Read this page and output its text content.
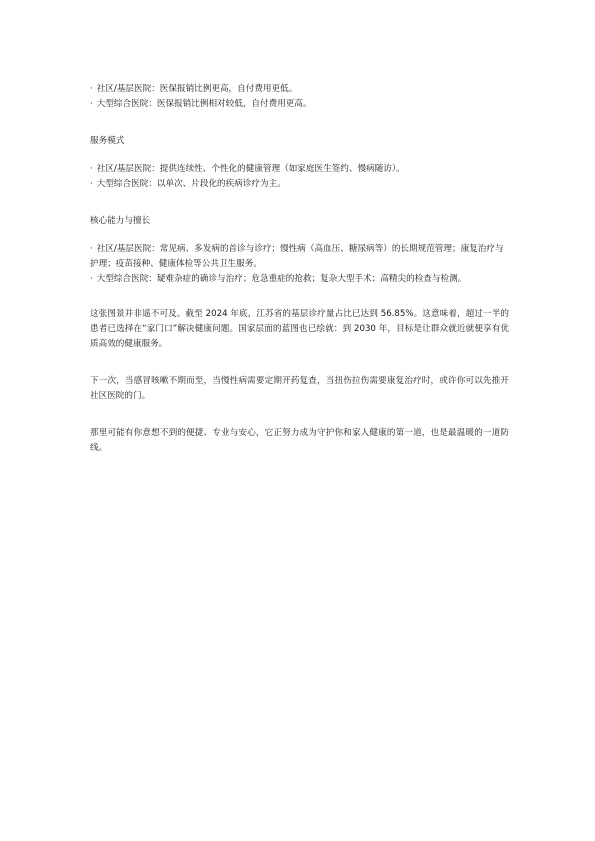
· 社区/基层医院：医保报销比例更高，自付费用更低。
· 大型综合医院：医保报销比例相对较低，自付费用更高。

服务模式

· 社区/基层医院：提供连续性、个性化的健康管理（如家庭医生签约、慢病随访）。
· 大型综合医院：以单次、片段化的疾病诊疗为主。

核心能力与擅长

· 社区/基层医院：常见病、多发病的首诊与诊疗；慢性病（高血压、糖尿病等）的长期规范管理；康复治疗与护理；疫苗接种、健康体检等公共卫生服务。
· 大型综合医院：疑难杂症的确诊与治疗；危急重症的抢救；复杂大型手术；高精尖的检查与检测。

这张图景并非遥不可及。截至 2024 年底，江苏省的基层诊疗量占比已达到 56.85%。这意味着，超过一半的患者已选择在“家门口”解决健康问题。国家层面的蓝图也已绘就：到 2030 年，目标是让群众就近就便享有优质高效的健康服务。

下一次，当感冒咳嗽不期而至，当慢性病需要定期开药复查，当扭伤拉伤需要康复治疗时，或许你可以先推开社区医院的门。

那里可能有你意想不到的便捷、专业与安心，它正努力成为守护你和家人健康的第一道，也是最温暖的一道防线。
